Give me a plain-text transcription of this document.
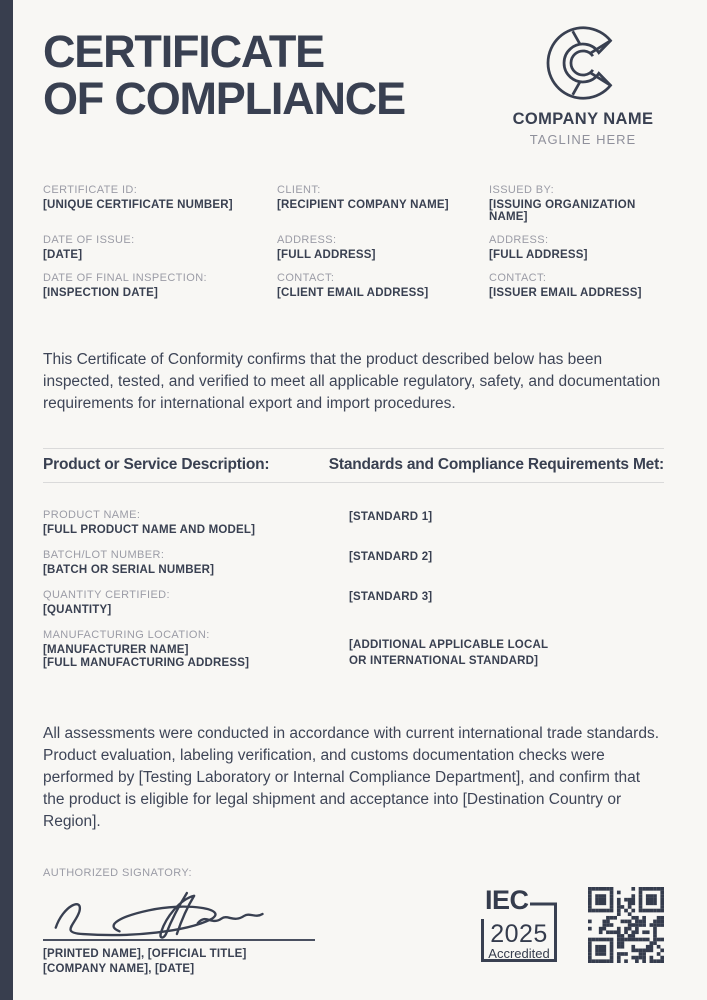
CERTIFICATE
OF COMPLIANCE	COMPANY NAME
TAGLINE HERE
CERTIFICATE ID:
[UNIQUE CERTIFICATE NUMBER]
CLIENT:
[RECIPIENT COMPANY NAME]
ISSUED BY:
[ISSUING ORGANIZATION NAME]
DATE OF ISSUE:
[DATE]
ADDRESS:
[FULL ADDRESS]
ADDRESS:
[FULL ADDRESS]
DATE OF FINAL INSPECTION:
[INSPECTION DATE]
CONTACT:
[CLIENT EMAIL ADDRESS]
CONTACT:
[ISSUER EMAIL ADDRESS]

This Certificate of Conformity confirms that the product described below has been inspected, tested, and verified to meet all applicable regulatory, safety, and documentation requirements for international export and import procedures.

Product or Service Description:	Standards and Compliance Requirements Met:
PRODUCT NAME:
[FULL PRODUCT NAME AND MODEL]
[STANDARD 1]
BATCH/LOT NUMBER:
[BATCH OR SERIAL NUMBER]
[STANDARD 2]
QUANTITY CERTIFIED:
[QUANTITY]
[STANDARD 3]
MANUFACTURING LOCATION:
[MANUFACTURER NAME]
[FULL MANUFACTURING ADDRESS]
[ADDITIONAL APPLICABLE LOCAL
OR INTERNATIONAL STANDARD]

All assessments were conducted in accordance with current international trade standards. Product evaluation, labeling verification, and customs documentation checks were performed by [Testing Laboratory or Internal Compliance Department], and confirm that the product is eligible for legal shipment and acceptance into [Destination Country or Region].

AUTHORIZED SIGNATORY:
[PRINTED NAME], [OFFICIAL TITLE]
[COMPANY NAME], [DATE]
IEC
2025
Accredited
